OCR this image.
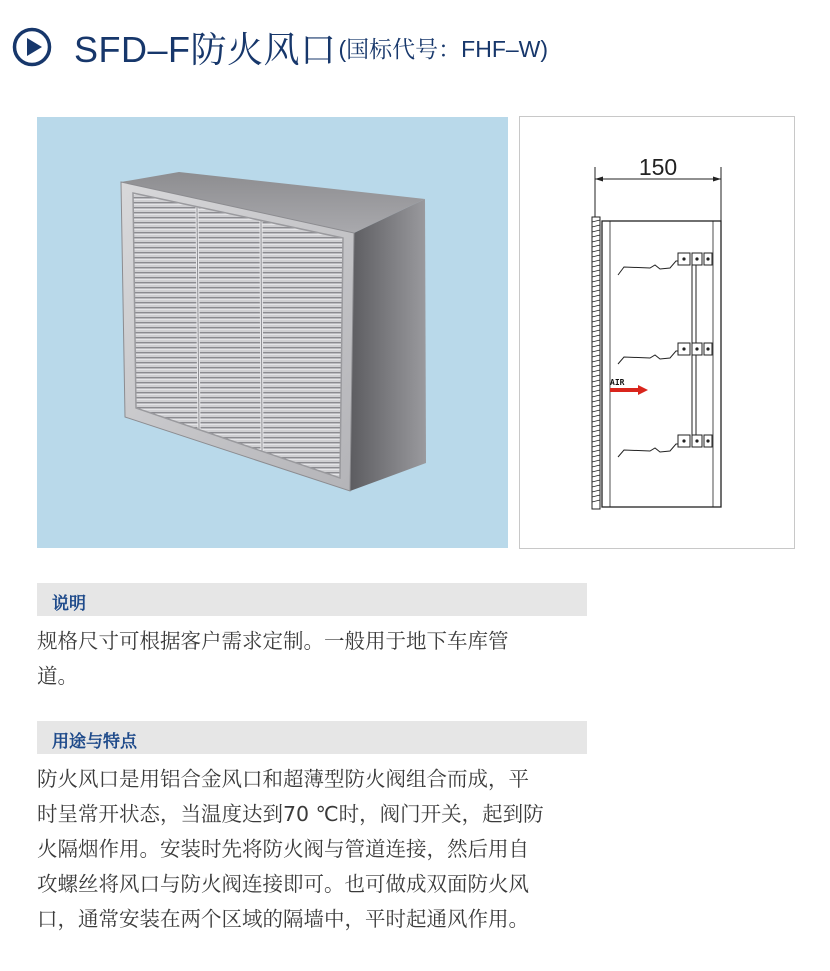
SFD–F防火风口 (国标代号：FHF–W)
150
AIR
说明
规格尺寸可根据客户需求定制。一般用于地下车库管
道。
用途与特点
防火风口是用铝合金风口和超薄型防火阀组合而成，平
时呈常开状态，当温度达到70 ℃时，阀门开关，起到防
火隔烟作用。安装时先将防火阀与管道连接，然后用自
攻螺丝将风口与防火阀连接即可。也可做成双面防火风
口，通常安装在两个区域的隔墙中，平时起通风作用。
